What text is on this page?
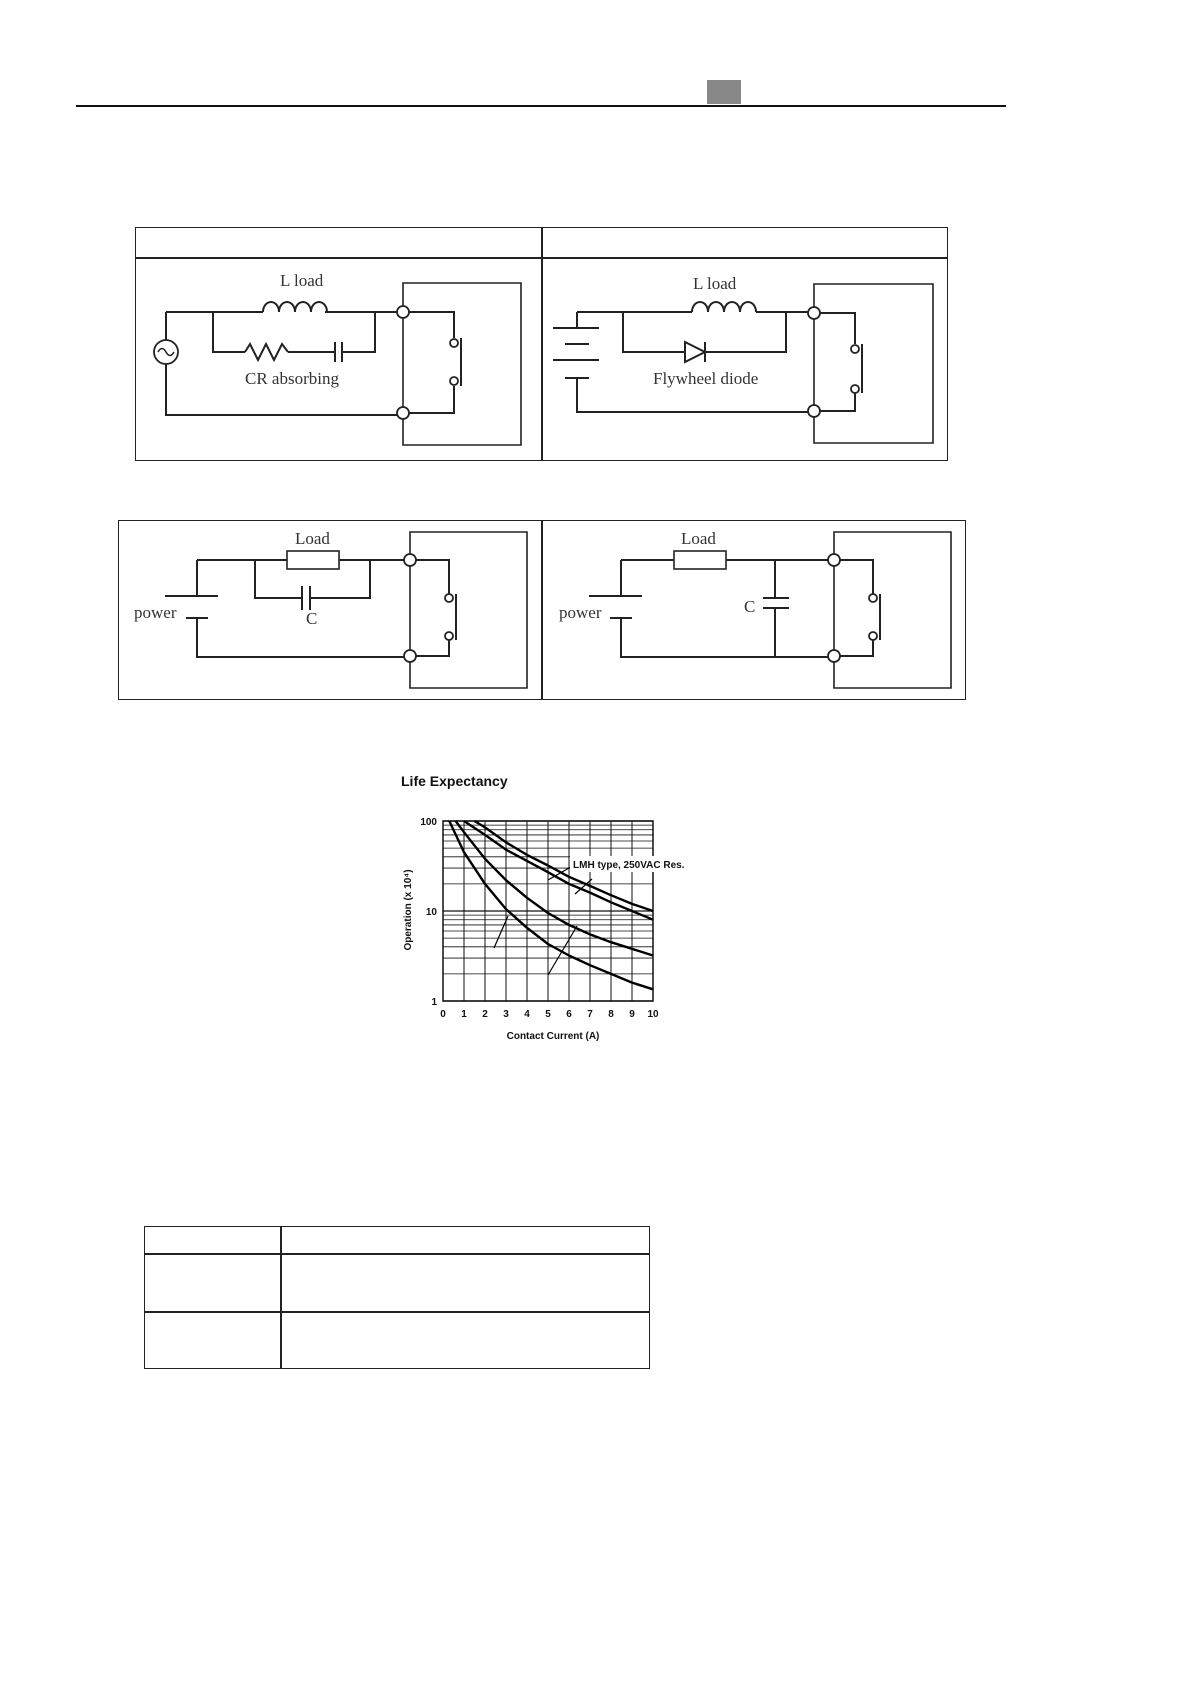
L load
CR absorbing
L load
Flywheel diode
Load
power	C
Load
power	C
Life Expectancy
0 1 2 3 4 5 6 7 8 9 10
1
10
100
Contact Current (A)
Operation (x 10⁴)
LMH type, 250VAC Res.
